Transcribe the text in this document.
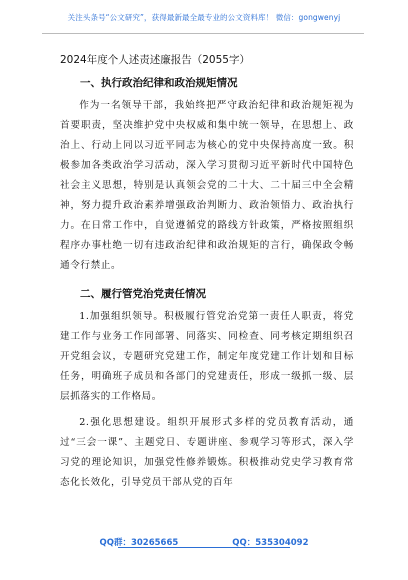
关注头条号“公文研究”，获得最新最全最专业的公文资料库！ 微信：gongwenyj
2024年度个人述责述廉报告（2055字）
一、执行政治纪律和政治规矩情况

作为一名领导干部，我始终把严守政治纪律和政治规矩视为首要职责，坚决维护党中央权威和集中统一领导，在思想上、政治上、行动上同以习近平同志为核心的党中央保持高度一致。积极参加各类政治学习活动，深入学习贯彻习近平新时代中国特色社会主义思想，特别是认真领会党的二十大、二十届三中全会精神，努力提升政治素养增强政治判断力、政治领悟力、政治执行力。在日常工作中，自觉遵循党的路线方针政策，严格按照组织程序办事杜绝一切有违政治纪律和政治规矩的言行，确保政令畅通令行禁止。

二、履行管党治党责任情况

1.加强组织领导。积极履行管党治党第一责任人职责，将党建工作与业务工作同部署、同落实、同检查、同考核定期组织召开党组会议，专题研究党建工作，制定年度党建工作计划和目标任务，明确班子成员和各部门的党建责任，形成一级抓一级、层层抓落实的工作格局。

2.强化思想建设。组织开展形式多样的党员教育活动，通过“三会一课”、主题党日、专题讲座、参观学习等形式，深入学习党的理论知识，加强党性修养锻炼。积极推动党史学习教育常态化长效化，引导党员干部从党的百年

QQ群：30265665	QQ：535304092
